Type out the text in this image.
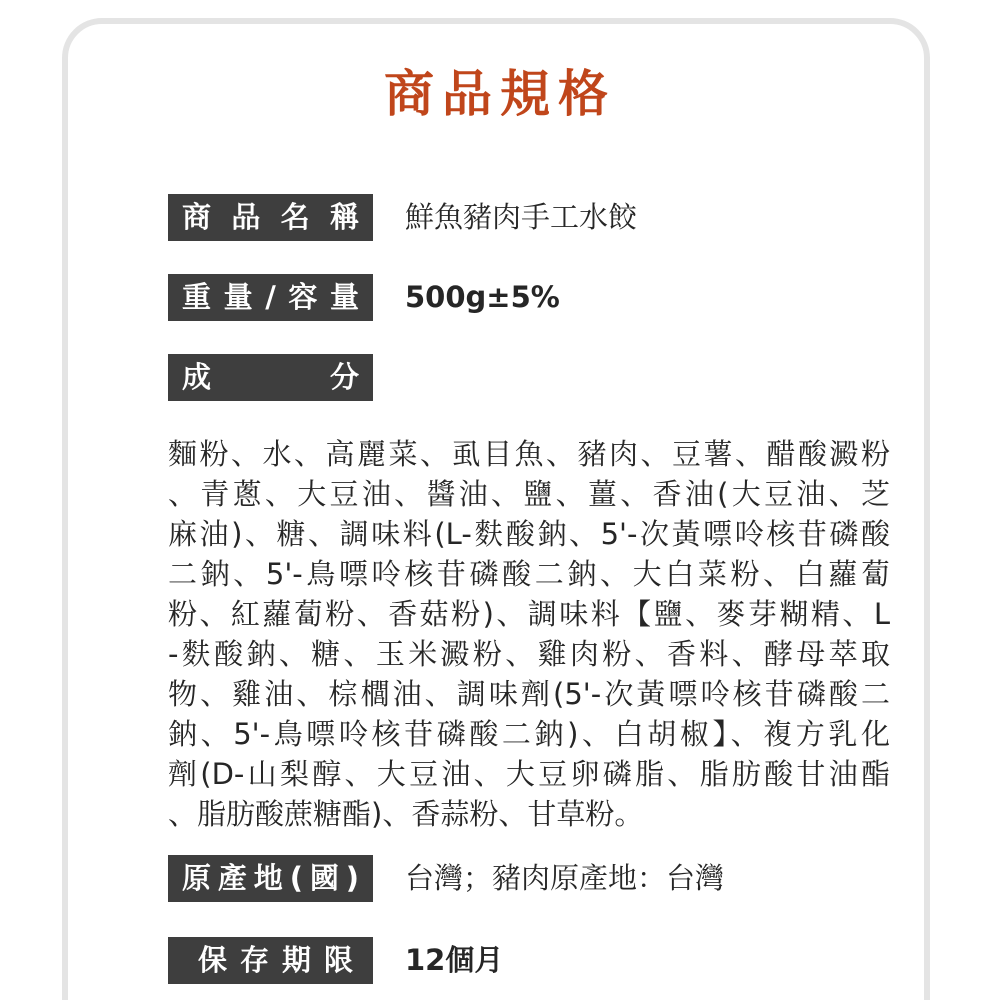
商品規格
商品名稱	鮮魚豬肉手工水餃
重量/容量	500g±5%
成 分
麵粉、水、高麗菜、虱目魚、豬肉、豆薯、醋酸澱粉
、青蔥、大豆油、醬油、鹽、薑、香油(大豆油、芝
麻油)、糖、調味料(L-麩酸鈉、5'-次黃嘌呤核苷磷酸
二鈉、5'-鳥嘌呤核苷磷酸二鈉、大白菜粉、白蘿蔔
粉、紅蘿蔔粉、香菇粉)、調味料【鹽、麥芽糊精、L
-麩酸鈉、糖、玉米澱粉、雞肉粉、香料、酵母萃取
物、雞油、棕櫚油、調味劑(5'-次黃嘌呤核苷磷酸二
鈉、5'-鳥嘌呤核苷磷酸二鈉)、白胡椒】、複方乳化
劑(D-山梨醇、大豆油、大豆卵磷脂、脂肪酸甘油酯
、脂肪酸蔗糖酯)、香蒜粉、甘草粉。
原產地(國)	台灣；豬肉原產地：台灣
保存期限	12個月
